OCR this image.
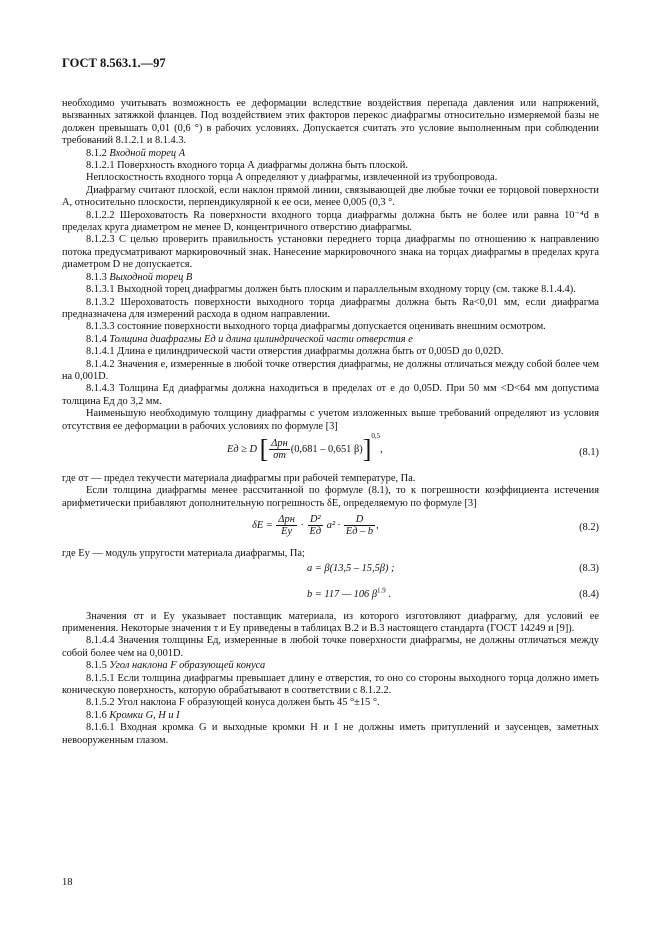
ГОСТ 8.563.1.—97

необходимо учитывать возможность ее деформации вследствие воздействия перепада давления или напряжений, вызванных затяжкой фланцев. Под воздействием этих факторов перекос диафрагмы относительно измеряемой базы не должен превышать 0,01 (0,6 °) в рабочих условиях. Допускается считать это условие выполненным при соблюдении требований 8.1.2.1 и 8.1.4.3.

8.1.2 Входной торец А

8.1.2.1 Поверхность входного торца А диафрагмы должна быть плоской.

Неплоскостность входного торца А определяют у диафрагмы, извлеченной из трубопровода.

Диафрагму считают плоской, если наклон прямой линии, связывающей две любые точки ее торцовой поверхности А, относительно плоскости, перпендикулярной к ее оси, менее 0,005 (0,3 °.

8.1.2.2 Шероховатость Ra поверхности входного торца диафрагмы должна быть не более или равна 10⁻⁴d в пределах круга диаметром не менее D, концентричного отверстию диафрагмы.

8.1.2.3 С целью проверить правильность установки переднего торца диафрагмы по отношению к направлению потока предусматривают маркировочный знак. Нанесение маркировочного знака на торцах диафрагмы в пределах круга диаметром D не допускается.

8.1.3 Выходной торец В

8.1.3.1 Выходной торец диафрагмы должен быть плоским и параллельным входному торцу (см. также 8.1.4.4).

8.1.3.2 Шероховатость поверхности выходного торца диафрагмы должна быть Ra<0,01 мм, если диафрагма предназначена для измерений расхода в одном направлении.

8.1.3.3 состояние поверхности выходного торца диафрагмы допускается оценивать внешним осмотром.

8.1.4 Толщина диафрагмы Eд и длина цилиндрической части отверстия e

8.1.4.1 Длина e цилиндрической части отверстия диафрагмы должна быть от 0,005D до 0,02D.

8.1.4.2 Значения e, измеренные в любой точке отверстия диафрагмы, не должны отличаться между собой более чем на 0,001D.

8.1.4.3 Толщина Eд диафрагмы должна находиться в пределах от e до 0,05D. При 50 мм <D<64 мм допустима толщина Eд до 3,2 мм.

Наименьшую необходимую толщину диафрагмы с учетом изложенных выше требований определяют из условия отсутствия ее деформации в рабочих условиях по формуле [3]

Eд ≥ D [ $\frac{\text{Δpн}}{\sigma т} (0,681 - 0,651$ β)]$^{0,5}$,	(8.1)

где σт — предел текучести материала диафрагмы при рабочей температуре, Па.

Если толщина диафрагмы менее рассчитанной по формуле (8.1), то к погрешности коэффициента истечения арифметически прибавляют дополнительную погрешность δE, определяемую по формуле [3]

$\delta E = \frac{\text{Δpн}}{Eу} \cdot \frac{\text{D²}}{Eд} a^2 \cdot \frac{D}{Eд - b}$ ,	(8.2)

где Eу — модуль упругости материала диафрагмы, Па;

a = β(13,5 – 15,5β) ;	(8.3)
b = 117 — 106 $\beta^{1.9}$ .	(8.4)

Значения σт и Eу указывает поставщик материала, из которого изготовляют диафрагму, для условий ее применения. Некоторые значения т и Eу приведены в таблицах В.2 и В.3 настоящего стандарта (ГОСТ 14249 и [9]).

8.1.4.4 Значения толщины Eд, измеренные в любой точке поверхности диафрагмы, не должны отличаться между собой более чем на 0,001D.

8.1.5 Угол наклона F образующей конуса

8.1.5.1 Если толщина диафрагмы превышает длину e отверстия, то оно со стороны выходного торца должно иметь коническую поверхность, которую обрабатывают в соответствии с 8.1.2.2.

8.1.5.2 Угол наклона F образующей конуса должен быть 45 °±15 °.

8.1.6 Кромки G, H и I

8.1.6.1 Входная кромка G и выходные кромки H и I не должны иметь притуплений и заусенцев, заметных невооруженным глазом.

18
